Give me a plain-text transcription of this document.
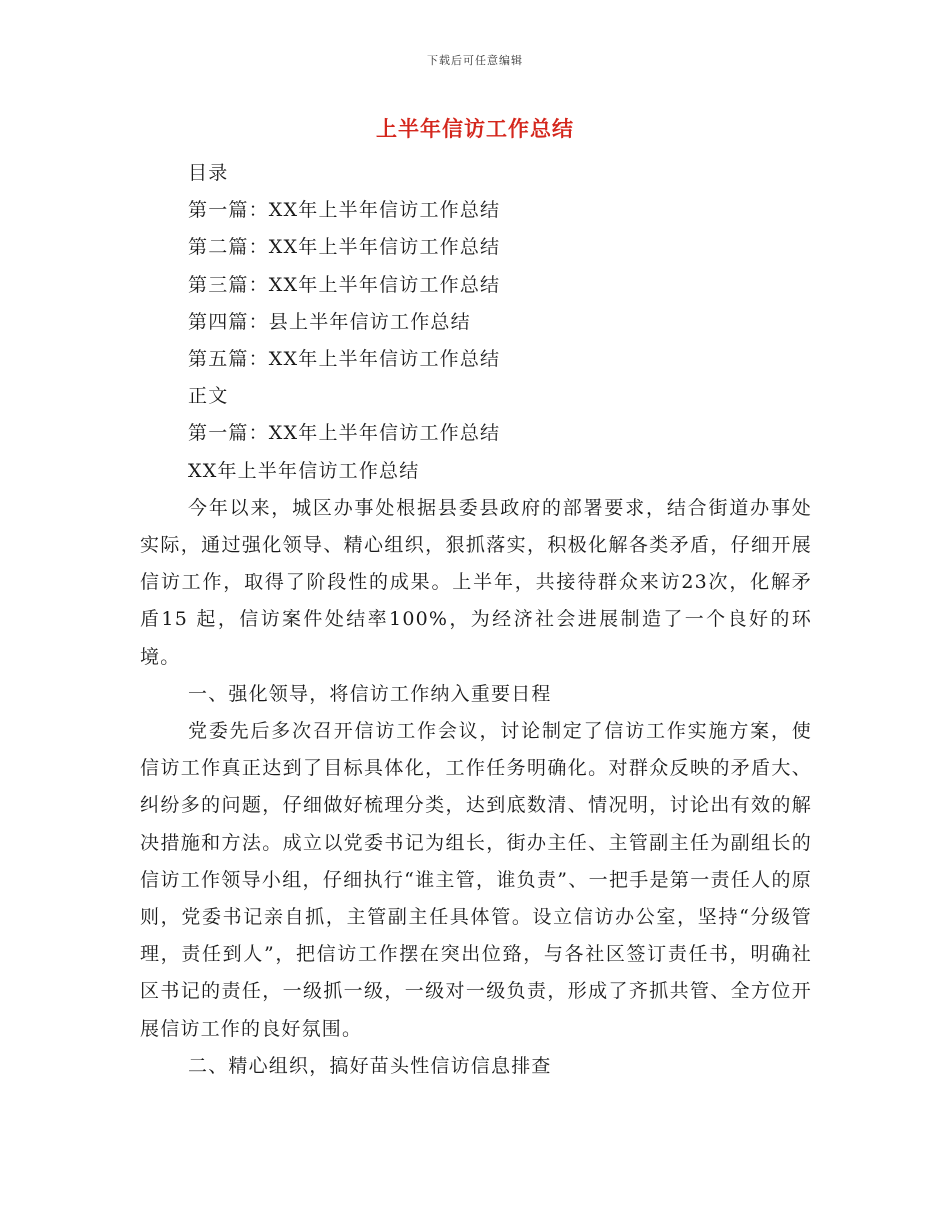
下载后可任意编辑
上半年信访工作总结
目录
第一篇：XX年上半年信访工作总结
第二篇：XX年上半年信访工作总结
第三篇：XX年上半年信访工作总结
第四篇：县上半年信访工作总结
第五篇：XX年上半年信访工作总结
正文
第一篇：XX年上半年信访工作总结
XX年上半年信访工作总结

今年以来，城区办事处根据县委县政府的部署要求，结合街道办事处实际，通过强化领导、精心组织，狠抓落实，积极化解各类矛盾，仔细开展信访工作，取得了阶段性的成果。上半年，共接待群众来访23次，化解矛盾15 起，信访案件处结率100%，为经济社会进展制造了一个良好的环境。

一、强化领导，将信访工作纳入重要日程

党委先后多次召开信访工作会议，讨论制定了信访工作实施方案，使信访工作真正达到了目标具体化，工作任务明确化。对群众反映的矛盾大、纠纷多的问题，仔细做好梳理分类，达到底数清、情况明，讨论出有效的解决措施和方法。成立以党委书记为组长，街办主任、主管副主任为副组长的信访工作领导小组，仔细执行“谁主管，谁负责”、一把手是第一责任人的原则，党委书记亲自抓，主管副主任具体管。设立信访办公室，坚持“分级管理，责任到人”，把信访工作摆在突出位臵，与各社区签订责任书，明确社区书记的责任，一级抓一级，一级对一级负责，形成了齐抓共管、全方位开展信访工作的良好氛围。

二、精心组织，搞好苗头性信访信息排查
